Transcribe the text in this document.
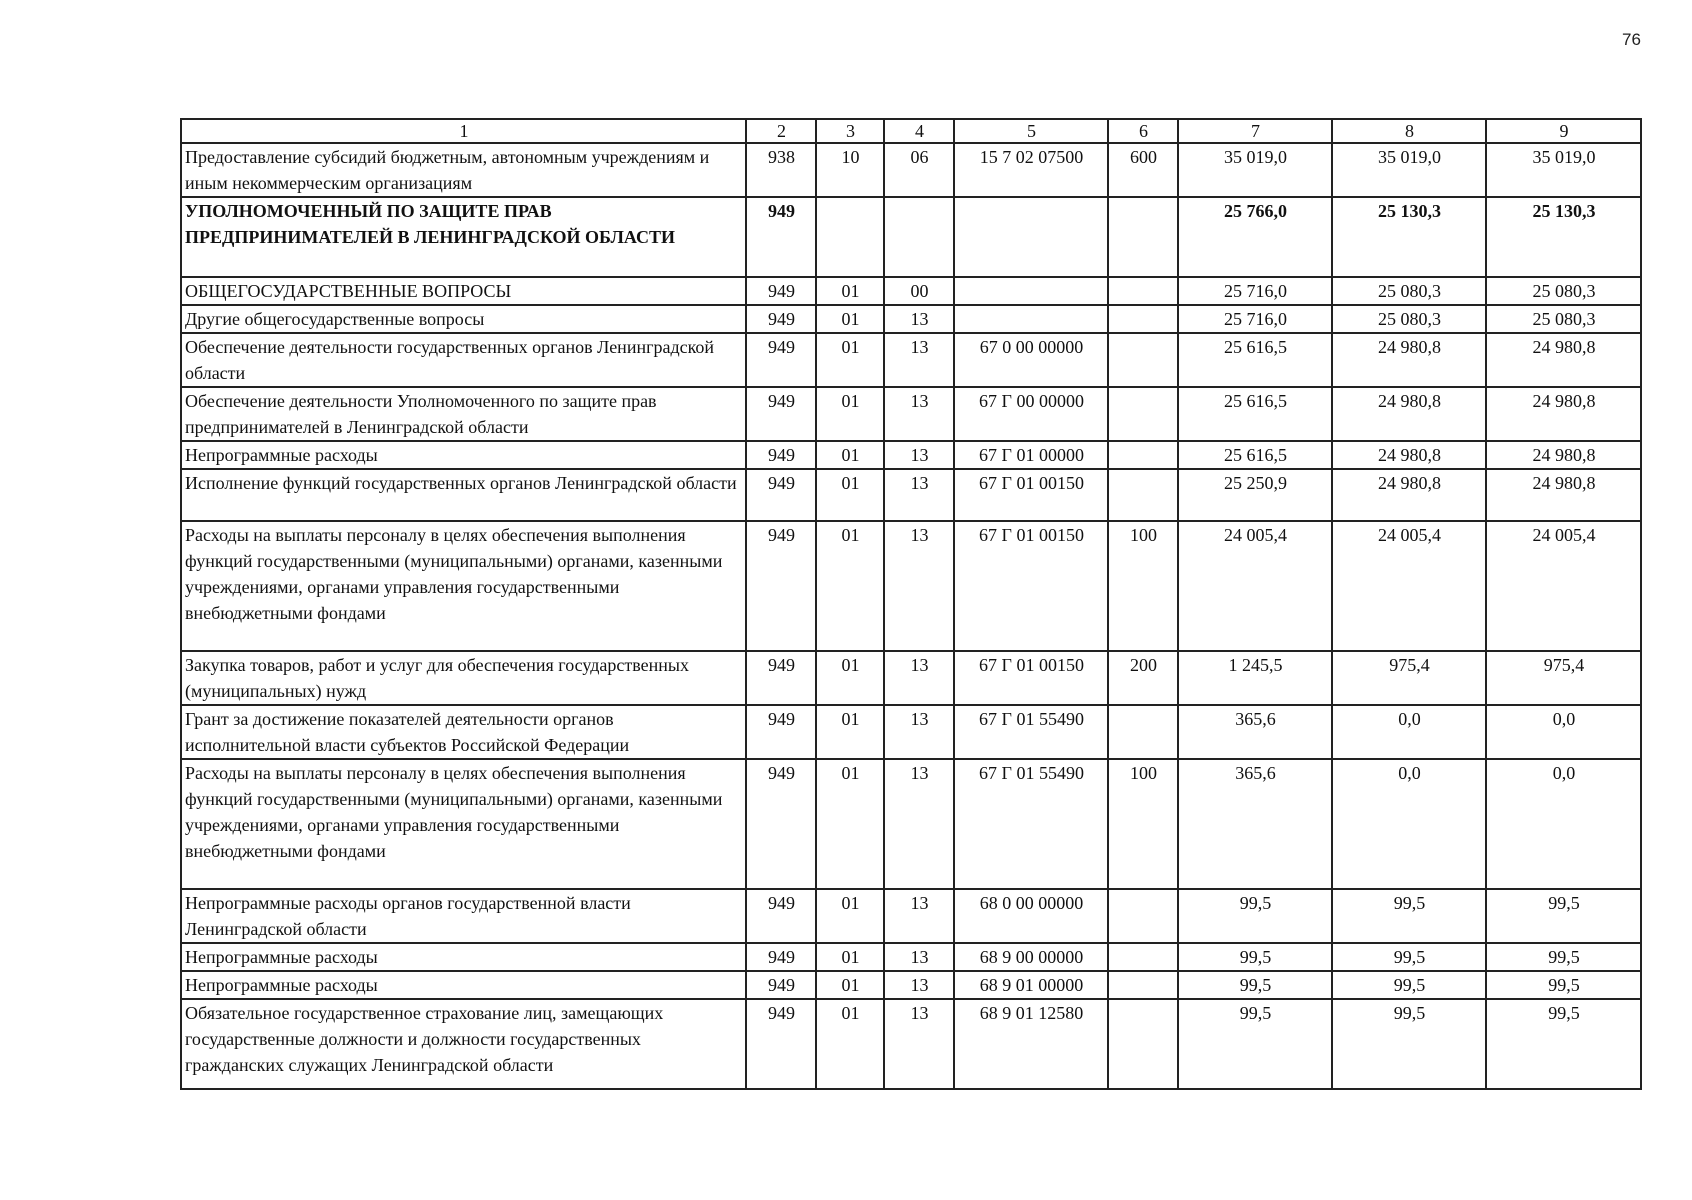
76
1	2	3	4	5	6	7	8	9
Предоставление субсидий бюджетным, автономным учреждениям и иным некоммерческим организациям	938	10	06	15 7 02 07500	600	35 019,0	35 019,0	35 019,0
УПОЛНОМОЧЕННЫЙ ПО ЗАЩИТЕ ПРАВ ПРЕДПРИНИМАТЕЛЕЙ В ЛЕНИНГРАДСКОЙ ОБЛАСТИ	949					25 766,0	25 130,3	25 130,3
ОБЩЕГОСУДАРСТВЕННЫЕ ВОПРОСЫ	949	01	00			25 716,0	25 080,3	25 080,3
Другие общегосударственные вопросы	949	01	13			25 716,0	25 080,3	25 080,3
Обеспечение деятельности государственных органов Ленинградской области	949	01	13	67 0 00 00000		25 616,5	24 980,8	24 980,8
Обеспечение деятельности Уполномоченного по защите прав предпринимателей в Ленинградской области	949	01	13	67 Г 00 00000		25 616,5	24 980,8	24 980,8
Непрограммные расходы	949	01	13	67 Г 01 00000		25 616,5	24 980,8	24 980,8
Исполнение функций государственных органов Ленинградской области	949	01	13	67 Г 01 00150		25 250,9	24 980,8	24 980,8
Расходы на выплаты персоналу в целях обеспечения выполнения функций государственными (муниципальными) органами, казенными учреждениями, органами управления государственными внебюджетными фондами	949	01	13	67 Г 01 00150	100	24 005,4	24 005,4	24 005,4
Закупка товаров, работ и услуг для обеспечения государственных (муниципальных) нужд	949	01	13	67 Г 01 00150	200	1 245,5	975,4	975,4
Грант за достижение показателей деятельности органов исполнительной власти субъектов Российской Федерации	949	01	13	67 Г 01 55490		365,6	0,0	0,0
Расходы на выплаты персоналу в целях обеспечения выполнения функций государственными (муниципальными) органами, казенными учреждениями, органами управления государственными внебюджетными фондами	949	01	13	67 Г 01 55490	100	365,6	0,0	0,0
Непрограммные расходы органов государственной власти Ленинградской области	949	01	13	68 0 00 00000		99,5	99,5	99,5
Непрограммные расходы	949	01	13	68 9 00 00000		99,5	99,5	99,5
Непрограммные расходы	949	01	13	68 9 01 00000		99,5	99,5	99,5
Обязательное государственное страхование лиц, замещающих государственные должности и должности государственных гражданских служащих Ленинградской области	949	01	13	68 9 01 12580		99,5	99,5	99,5
